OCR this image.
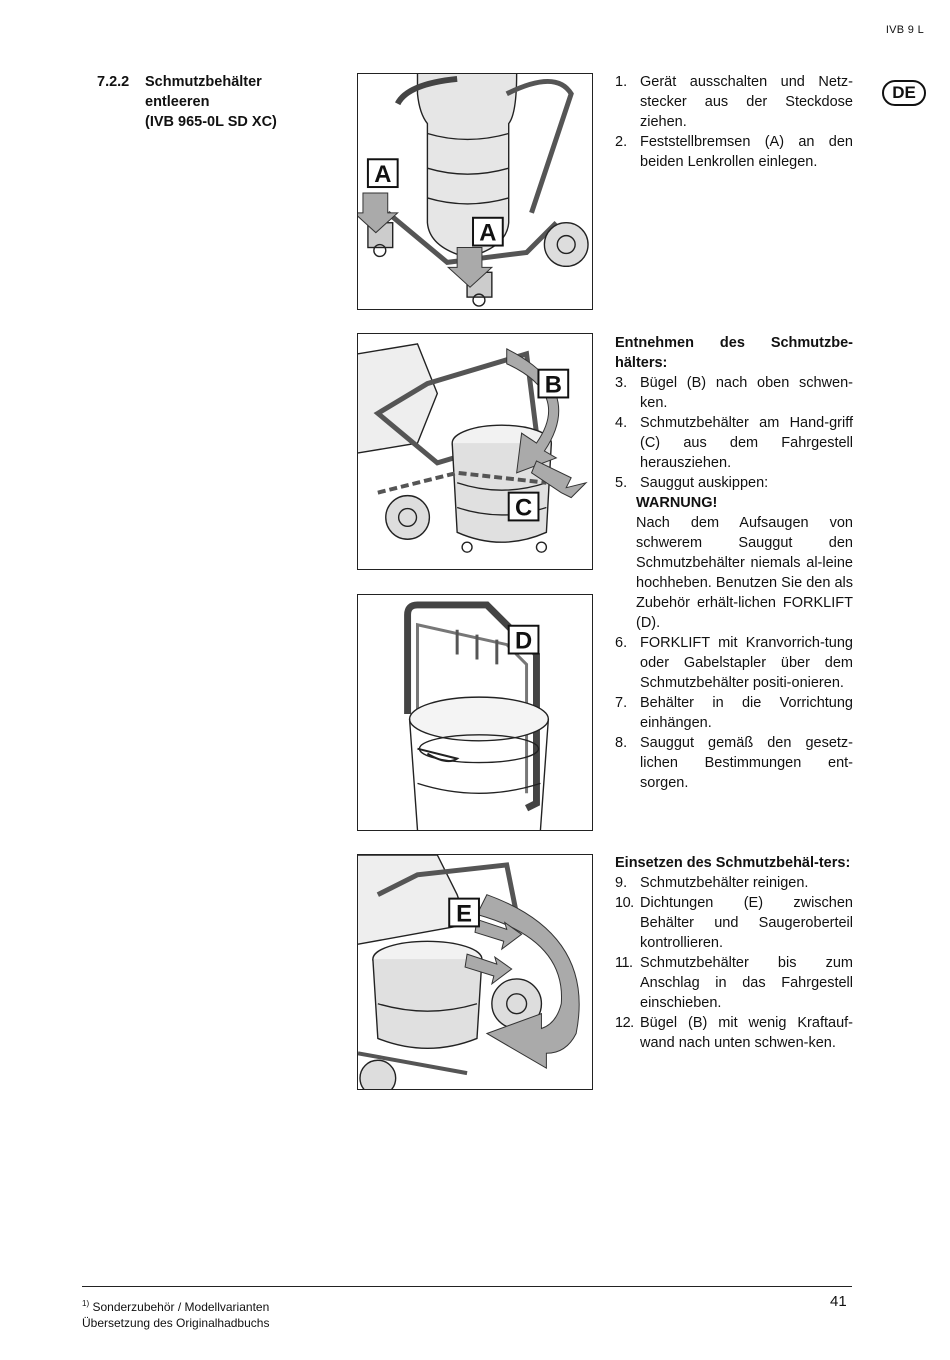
IVB 9 L
DE
7.2.2 Schmutzbehälter
entleeren
(IVB 965-0L SD XC)
A
A
B
C
D
E
1. Gerät ausschalten und Netz-stecker aus der Steckdose ziehen.
2. Feststellbremsen (A) an den beiden Lenkrollen einlegen.
Entnehmen des Schmutzbe-hälters:
3. Bügel (B) nach oben schwen-ken.
4. Schmutzbehälter am Hand-griff (C) aus dem Fahrgestell herausziehen.
5. Sauggut auskippen:
WARNUNG!
Nach dem Aufsaugen von schwerem Sauggut den Schmutzbehälter niemals al-leine hochheben. Benutzen Sie den als Zubehör erhält-lichen FORKLIFT (D).
6. FORKLIFT mit Kranvorrich-tung oder Gabelstapler über dem Schmutzbehälter positi-onieren.
7. Behälter in die Vorrichtung einhängen.
8. Sauggut gemäß den gesetz-lichen Bestimmungen ent-sorgen.
Einsetzen des Schmutzbehäl-ters:
9. Schmutzbehälter reinigen.
10. Dichtungen (E) zwischen Behälter und Saugeroberteil kontrollieren.
11. Schmutzbehälter bis zum Anschlag in das Fahrgestell einschieben.
12. Bügel (B) mit wenig Kraftauf-wand nach unten schwen-ken.
$^{1)}$ Sonderzubehör / Modellvarianten
Übersetzung des Originalhadbuchs
41
